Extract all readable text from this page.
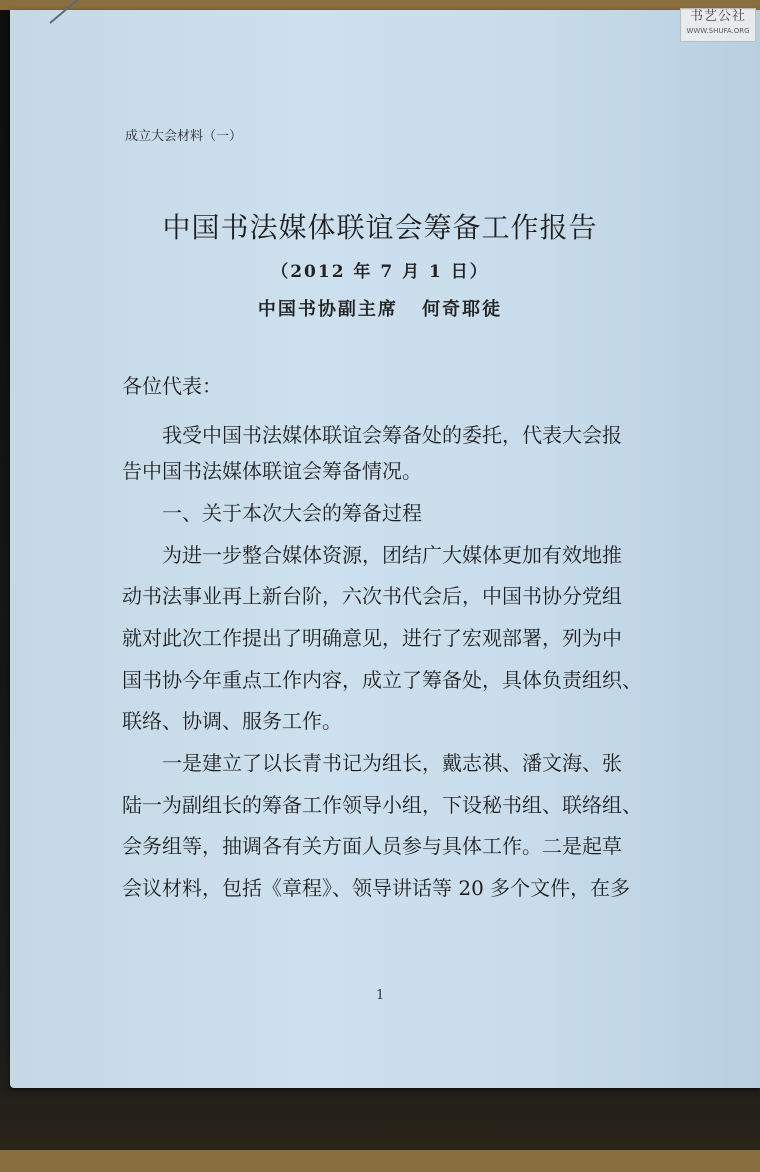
书艺公社
WWW.SHUFA.ORG
成立大会材料（一）
中国书法媒体联谊会筹备工作报告
（2012 年 7 月 1 日）
中国书协副主席 何奇耶徒
各位代表：
　　我受中国书法媒体联谊会筹备处的委托，代表大会报
告中国书法媒体联谊会筹备情况。
　　一、关于本次大会的筹备过程
　　为进一步整合媒体资源，团结广大媒体更加有效地推
动书法事业再上新台阶，六次书代会后，中国书协分党组
就对此次工作提出了明确意见，进行了宏观部署，列为中
国书协今年重点工作内容，成立了筹备处，具体负责组织、
联络、协调、服务工作。
　　一是建立了以长青书记为组长，戴志祺、潘文海、张
陆一为副组长的筹备工作领导小组，下设秘书组、联络组、
会务组等，抽调各有关方面人员参与具体工作。二是起草
会议材料，包括《章程》、领导讲话等 20 多个文件，在多
1
